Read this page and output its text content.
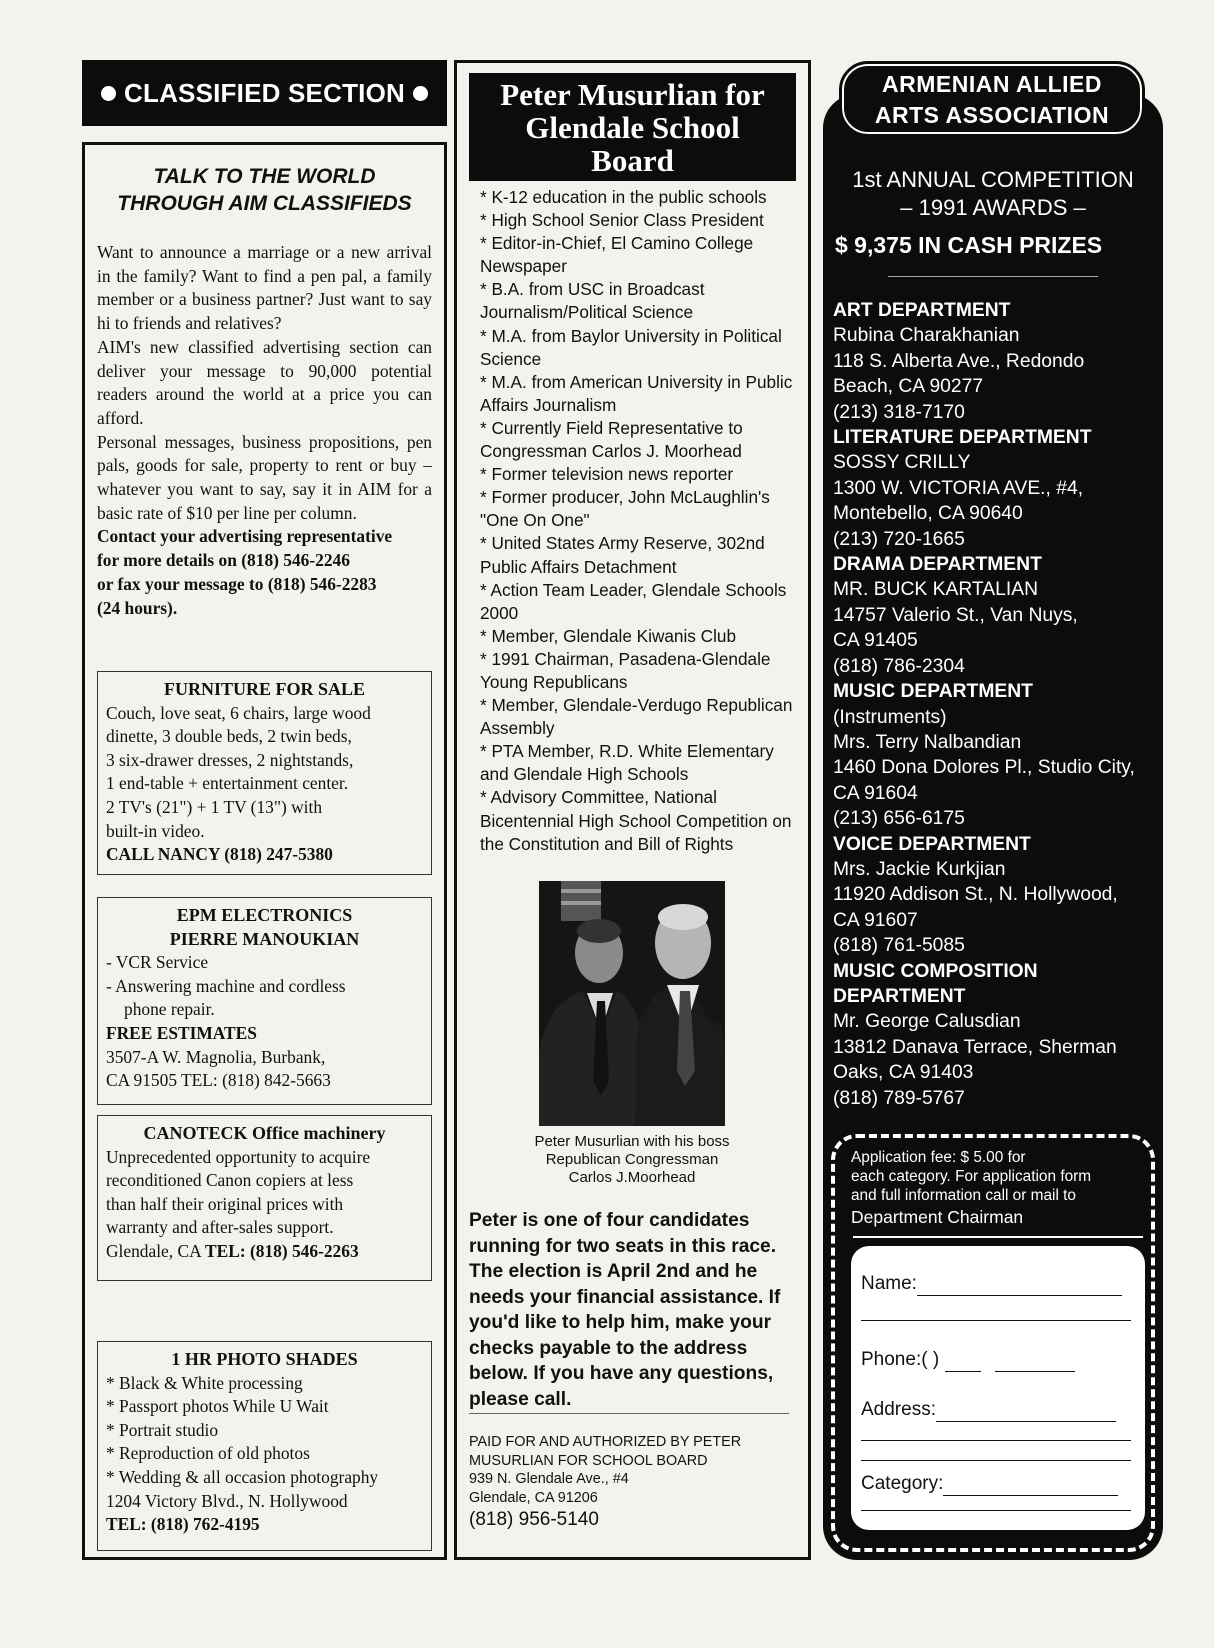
CLASSIFIED SECTION
TALK TO THE WORLD
THROUGH AIM CLASSIFIEDS

Want to announce a marriage or a new arrival in the family? Want to find a pen pal, a family member or a business partner? Just want to say hi to friends and relatives?

AIM's new classified advertising section can deliver your message to 90,000 potential readers around the world at a price you can afford.

Personal messages, business propositions, pen pals, goods for sale, property to rent or buy – whatever you want to say, say it in AIM for a basic rate of $10 per line per column.

Contact your advertising representative
for more details on (818) 546-2246
or fax your message to (818) 546-2283
(24 hours).
FURNITURE FOR SALE
Couch, love seat, 6 chairs, large wood
dinette, 3 double beds, 2 twin beds,
3 six-drawer dresses, 2 nightstands,
1 end-table + entertainment center.
2 TV's (21") + 1 TV (13") with
built-in video.
CALL NANCY (818) 247-5380
EPM ELECTRONICS
PIERRE MANOUKIAN
- VCR Service
- Answering machine and cordless
phone repair.
FREE ESTIMATES
3507-A W. Magnolia, Burbank,
CA 91505 TEL: (818) 842-5663
CANOTECK Office machinery
Unprecedented opportunity to acquire
reconditioned Canon copiers at less
than half their original prices with
warranty and after-sales support.
Glendale, CA TEL: (818) 546-2263
1 HR PHOTO SHADES
* Black & White processing
* Passport photos While U Wait
* Portrait studio
* Reproduction of old photos
* Wedding & all occasion photography
1204 Victory Blvd., N. Hollywood
TEL: (818) 762-4195
Peter Musurlian for
Glendale School
Board

* K-12 education in the public schools

* High School Senior Class President

* Editor-in-Chief, El Camino College Newspaper

* B.A. from USC in Broadcast Journalism/Political Science

* M.A. from Baylor University in Political Science

* M.A. from American University in Public Affairs Journalism

* Currently Field Representative to Congressman Carlos J. Moorhead

* Former television news reporter

* Former producer, John McLaughlin's "One On One"

* United States Army Reserve, 302nd Public Affairs Detachment

* Action Team Leader, Glendale Schools 2000

* Member, Glendale Kiwanis Club

* 1991 Chairman, Pasadena-Glendale Young Republicans

* Member, Glendale-Verdugo Republican Assembly

* PTA Member, R.D. White Elementary and Glendale High Schools

* Advisory Committee, National Bicentennial High School Competition on the Constitution and Bill of Rights

Peter Musurlian with his boss
Republican Congressman
Carlos J.Moorhead
Peter is one of four candidates running for two seats in this race. The election is April 2nd and he needs your financial assistance. If you'd like to help him, make your checks payable to the address below. If you have any questions, please call.
PAID FOR AND AUTHORIZED BY PETER
MUSURLIAN FOR SCHOOL BOARD
939 N. Glendale Ave., #4
Glendale, CA 91206
(818) 956-5140
1st ANNUAL COMPETITION
– 1991 AWARDS –
$ 9,375 IN CASH PRIZES
ART DEPARTMENT
Rubina Charakhanian
118 S. Alberta Ave., Redondo
Beach, CA 90277
(213) 318-7170
LITERATURE DEPARTMENT
SOSSY CRILLY
1300 W. VICTORIA AVE., #4,
Montebello, CA 90640
(213) 720-1665
DRAMA DEPARTMENT
MR. BUCK KARTALIAN
14757 Valerio St., Van Nuys,
CA 91405
(818) 786-2304
MUSIC DEPARTMENT
(Instruments)
Mrs. Terry Nalbandian
1460 Dona Dolores Pl., Studio City,
CA 91604
(213) 656-6175
VOICE DEPARTMENT
Mrs. Jackie Kurkjian
11920 Addison St., N. Hollywood,
CA 91607
(818) 761-5085
MUSIC COMPOSITION DEPARTMENT
Mr. George Calusdian
13812 Danava Terrace, Sherman
Oaks, CA 91403
(818) 789-5767
Application fee: $ 5.00 for
each category. For application form
and full information call or mail to
Department Chairman
Name:
Phone:( )
Address:
Category:
ARMENIAN ALLIED
ARTS ASSOCIATION
